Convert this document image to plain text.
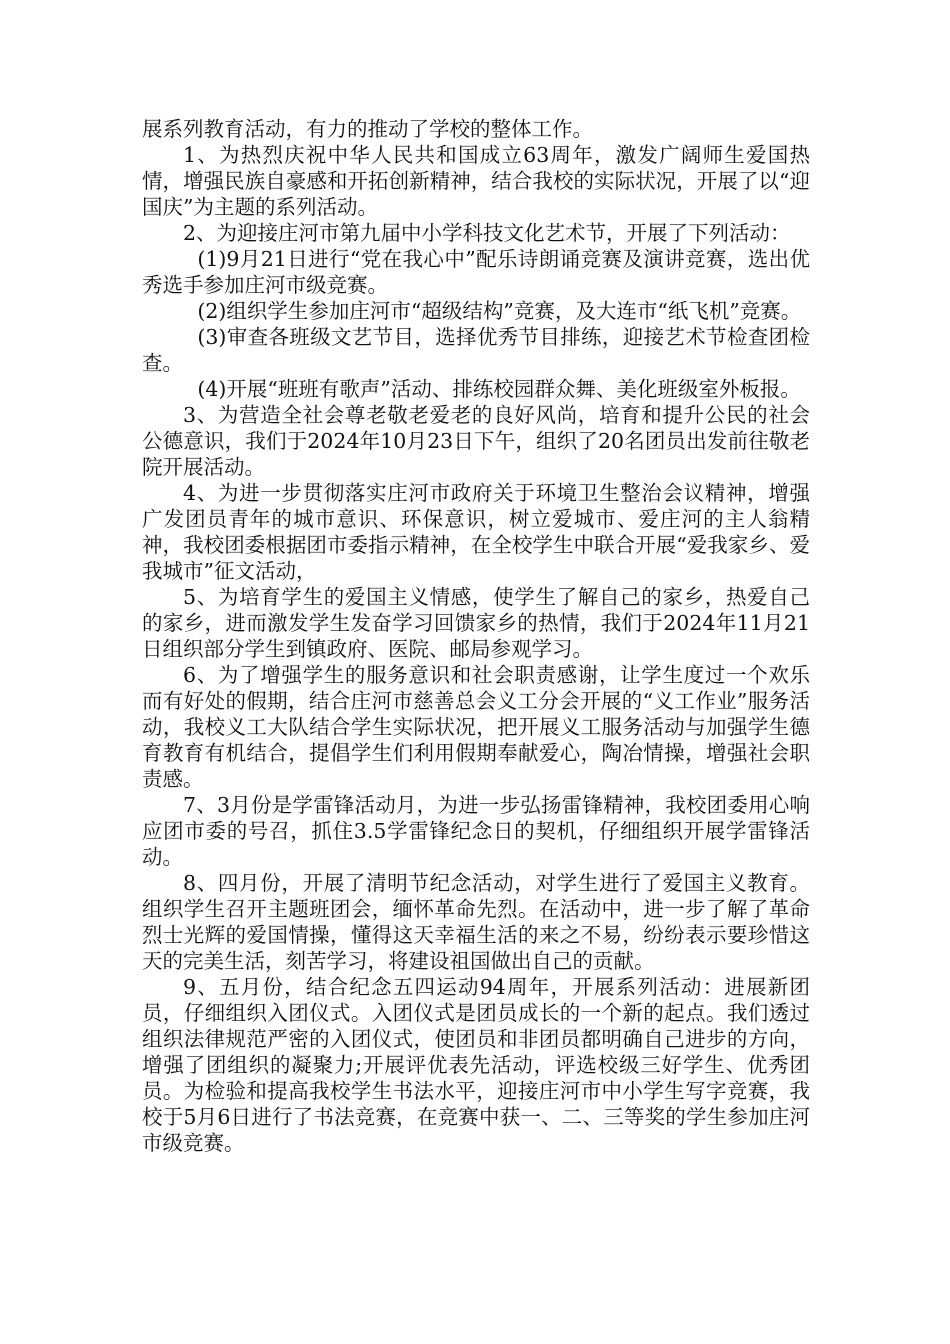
展系列教育活动，有力的推动了学校的整体工作。

1、为热烈庆祝中华人民共和国成立63周年，激发广阔师生爱国热情，增强民族自豪感和开拓创新精神，结合我校的实际状况，开展了以“迎国庆”为主题的系列活动。

2、为迎接庄河市第九届中小学科技文化艺术节，开展了下列活动：

(1)9月21日进行“党在我心中”配乐诗朗诵竞赛及演讲竞赛，选出优秀选手参加庄河市级竞赛。

(2)组织学生参加庄河市“超级结构”竞赛，及大连市“纸飞机”竞赛。

(3)审查各班级文艺节目，选择优秀节目排练，迎接艺术节检查团检查。

(4)开展“班班有歌声”活动、排练校园群众舞、美化班级室外板报。

3、为营造全社会尊老敬老爱老的良好风尚，培育和提升公民的社会公德意识，我们于2024年10月23日下午，组织了20名团员出发前往敬老院开展活动。

4、为进一步贯彻落实庄河市政府关于环境卫生整治会议精神，增强广发团员青年的城市意识、环保意识，树立爱城市、爱庄河的主人翁精神，我校团委根据团市委指示精神，在全校学生中联合开展“爱我家乡、爱我城市”征文活动，

5、为培育学生的爱国主义情感，使学生了解自己的家乡，热爱自己的家乡，进而激发学生发奋学习回馈家乡的热情，我们于2024年11月21日组织部分学生到镇政府、医院、邮局参观学习。

6、为了增强学生的服务意识和社会职责感谢，让学生度过一个欢乐而有好处的假期，结合庄河市慈善总会义工分会开展的“义工作业”服务活动，我校义工大队结合学生实际状况，把开展义工服务活动与加强学生德育教育有机结合，提倡学生们利用假期奉献爱心，陶冶情操，增强社会职责感。

7、3月份是学雷锋活动月，为进一步弘扬雷锋精神，我校团委用心响应团市委的号召，抓住3.5学雷锋纪念日的契机，仔细组织开展学雷锋活动。

8、四月份，开展了清明节纪念活动，对学生进行了爱国主义教育。组织学生召开主题班团会，缅怀革命先烈。在活动中，进一步了解了革命烈士光辉的爱国情操，懂得这天幸福生活的来之不易，纷纷表示要珍惜这天的完美生活，刻苦学习，将建设祖国做出自己的贡献。

9、五月份，结合纪念五四运动94周年，开展系列活动：进展新团员，仔细组织入团仪式。入团仪式是团员成长的一个新的起点。我们透过组织法律规范严密的入团仪式，使团员和非团员都明确自己进步的方向，增强了团组织的凝聚力;开展评优表先活动，评选校级三好学生、优秀团员。为检验和提高我校学生书法水平，迎接庄河市中小学生写字竞赛，我校于5月6日进行了书法竞赛，在竞赛中获一、二、三等奖的学生参加庄河市级竞赛。
